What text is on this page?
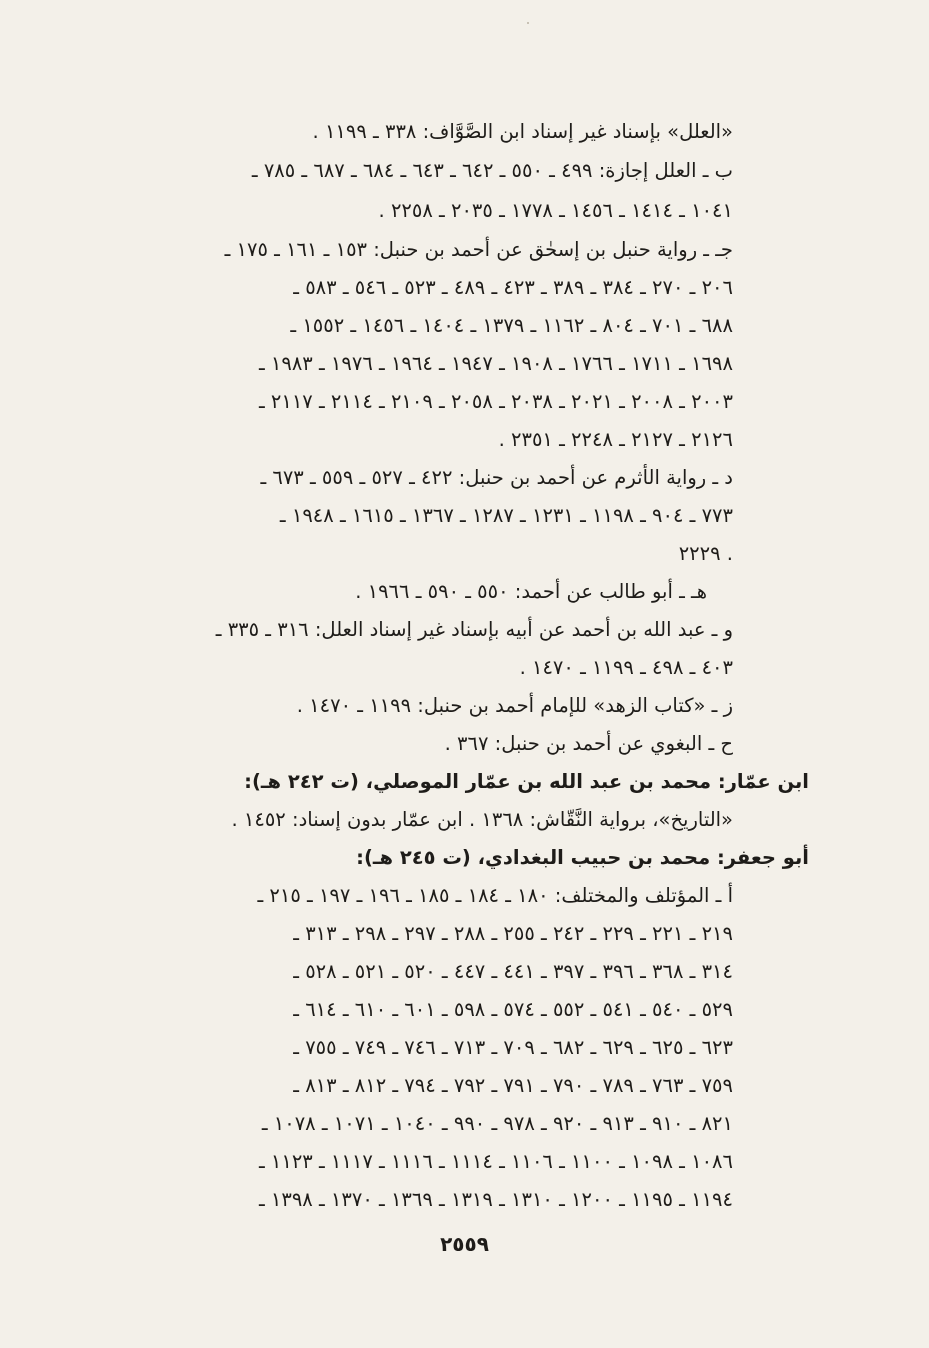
«العلل» بإسناد غير إسناد ابن الصَّوَّاف: ٣٣٨ ـ ١١٩٩ .
ب ـ العلل إجازة: ٤٩٩ ـ ٥٥٠ ـ ٦٤٢ ـ ٦٤٣ ـ ٦٨٤ ـ ٦٨٧ ـ ٧٨٥ ـ
١٠٤١ ـ ١٤١٤ ـ ١٤٥٦ ـ ١٧٧٨ ـ ٢٠٣٥ ـ ٢٢٥٨ .
جـ ـ رواية حنبل بن إسحٰق عن أحمد بن حنبل: ١٥٣ ـ ١٦١ ـ ١٧٥ ـ
٢٠٦ ـ ٢٧٠ ـ ٣٨٤ ـ ٣٨٩ ـ ٤٢٣ ـ ٤٨٩ ـ ٥٢٣ ـ ٥٤٦ ـ ٥٨٣ ـ
٦٨٨ ـ ٧٠١ ـ ٨٠٤ ـ ١١٦٢ ـ ١٣٧٩ ـ ١٤٠٤ ـ ١٤٥٦ ـ ١٥٥٢ ـ
١٦٩٨ ـ ١٧١١ ـ ١٧٦٦ ـ ١٩٠٨ ـ ١٩٤٧ ـ ١٩٦٤ ـ ١٩٧٦ ـ ١٩٨٣ ـ
٢٠٠٣ ـ ٢٠٠٨ ـ ٢٠٢١ ـ ٢٠٣٨ ـ ٢٠٥٨ ـ ٢١٠٩ ـ ٢١١٤ ـ ٢١١٧ ـ
٢١٢٦ ـ ٢١٢٧ ـ ٢٢٤٨ ـ ٢٣٥١ .
د ـ رواية الأثرم عن أحمد بن حنبل: ٤٢٢ ـ ٥٢٧ ـ ٥٥٩ ـ ٦٧٣ ـ
٧٧٣ ـ ٩٠٤ ـ ١١٩٨ ـ ١٢٣١ ـ ١٢٨٧ ـ ١٣٦٧ ـ ١٦١٥ ـ ١٩٤٨ ـ
٢٢٢٩ .
هـ ـ أبو طالب عن أحمد: ٥٥٠ ـ ٥٩٠ ـ ١٩٦٦ .
و ـ عبد الله بن أحمد عن أبيه بإسناد غير إسناد العلل: ٣١٦ ـ ٣٣٥ ـ
٤٠٣ ـ ٤٩٨ ـ ١١٩٩ ـ ١٤٧٠ .
ز ـ «كتاب الزهد» للإمام أحمد بن حنبل: ١١٩٩ ـ ١٤٧٠ .
ح ـ البغوي عن أحمد بن حنبل: ٣٦٧ .
ابن عمّار: محمد بن عبد الله بن عمّار الموصلي، (ت ٢٤٢ هـ):
«التاريخ»، برواية النَّقّاش: ١٣٦٨ . ابن عمّار بدون إسناد: ١٤٥٢ .
أبو جعفر: محمد بن حبيب البغدادي، (ت ٢٤٥ هـ):
أ ـ المؤتلف والمختلف: ١٨٠ ـ ١٨٤ ـ ١٨٥ ـ ١٩٦ ـ ١٩٧ ـ ٢١٥ ـ
٢١٩ ـ ٢٢١ ـ ٢٢٩ ـ ٢٤٢ ـ ٢٥٥ ـ ٢٨٨ ـ ٢٩٧ ـ ٢٩٨ ـ ٣١٣ ـ
٣١٤ ـ ٣٦٨ ـ ٣٩٦ ـ ٣٩٧ ـ ٤٤١ ـ ٤٤٧ ـ ٥٢٠ ـ ٥٢١ ـ ٥٢٨ ـ
٥٢٩ ـ ٥٤٠ ـ ٥٤١ ـ ٥٥٢ ـ ٥٧٤ ـ ٥٩٨ ـ ٦٠١ ـ ٦١٠ ـ ٦١٤ ـ
٦٢٣ ـ ٦٢٥ ـ ٦٢٩ ـ ٦٨٢ ـ ٧٠٩ ـ ٧١٣ ـ ٧٤٦ ـ ٧٤٩ ـ ٧٥٥ ـ
٧٥٩ ـ ٧٦٣ ـ ٧٨٩ ـ ٧٩٠ ـ ٧٩١ ـ ٧٩٢ ـ ٧٩٤ ـ ٨١٢ ـ ٨١٣ ـ
٨٢١ ـ ٩١٠ ـ ٩١٣ ـ ٩٢٠ ـ ٩٧٨ ـ ٩٩٠ ـ ١٠٤٠ ـ ١٠٧١ ـ ١٠٧٨ ـ
١٠٨٦ ـ ١٠٩٨ ـ ١١٠٠ ـ ١١٠٦ ـ ١١١٤ ـ ١١١٦ ـ ١١١٧ ـ ١١٢٣ ـ
١١٩٤ ـ ١١٩٥ ـ ١٢٠٠ ـ ١٣١٠ ـ ١٣١٩ ـ ١٣٦٩ ـ ١٣٧٠ ـ ١٣٩٨ ـ
٢٥٥٩
